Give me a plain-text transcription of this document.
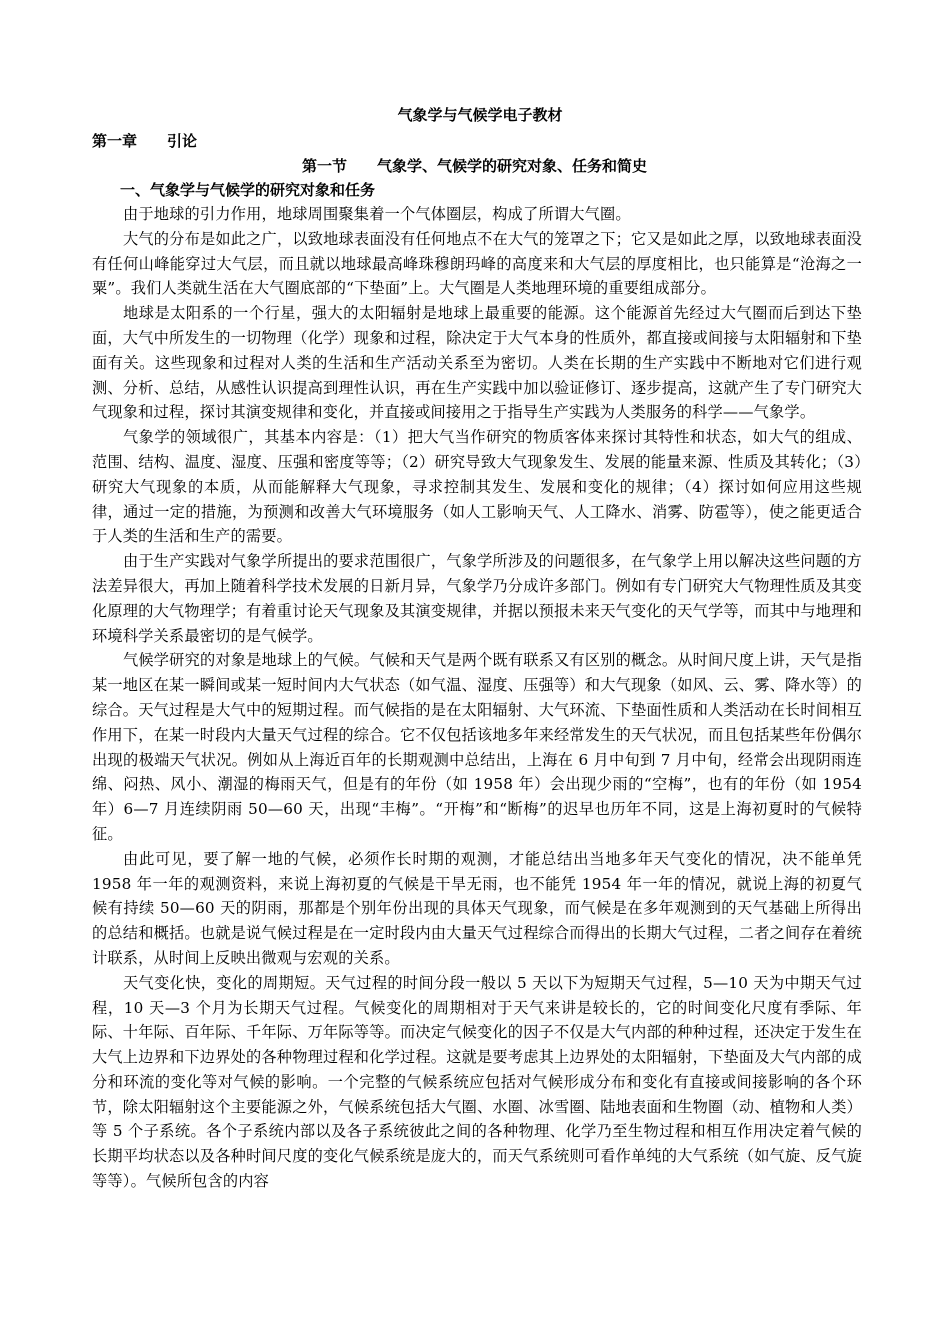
气象学与气候学电子教材
第一章　　引论
第一节　　气象学、气候学的研究对象、任务和简史
一、气象学与气候学的研究对象和任务

由于地球的引力作用，地球周围聚集着一个气体圈层，构成了所谓大气圈。

大气的分布是如此之广，以致地球表面没有任何地点不在大气的笼罩之下；它又是如此之厚，以致地球表面没有任何山峰能穿过大气层，而且就以地球最高峰珠穆朗玛峰的高度来和大气层的厚度相比，也只能算是“沧海之一粟”。我们人类就生活在大气圈底部的“下垫面”上。大气圈是人类地理环境的重要组成部分。

地球是太阳系的一个行星，强大的太阳辐射是地球上最重要的能源。这个能源首先经过大气圈而后到达下垫面，大气中所发生的一切物理（化学）现象和过程，除决定于大气本身的性质外，都直接或间接与太阳辐射和下垫面有关。这些现象和过程对人类的生活和生产活动关系至为密切。人类在长期的生产实践中不断地对它们进行观测、分析、总结，从感性认识提高到理性认识，再在生产实践中加以验证修订、逐步提高，这就产生了专门研究大气现象和过程，探讨其演变规律和变化，并直接或间接用之于指导生产实践为人类服务的科学——气象学。

气象学的领域很广，其基本内容是：（1）把大气当作研究的物质客体来探讨其特性和状态，如大气的组成、范围、结构、温度、湿度、压强和密度等等；（2）研究导致大气现象发生、发展的能量来源、性质及其转化；（3）研究大气现象的本质，从而能解释大气现象，寻求控制其发生、发展和变化的规律；（4）探讨如何应用这些规律，通过一定的措施，为预测和改善大气环境服务（如人工影响天气、人工降水、消雾、防雹等），使之能更适合于人类的生活和生产的需要。

由于生产实践对气象学所提出的要求范围很广，气象学所涉及的问题很多，在气象学上用以解决这些问题的方法差异很大，再加上随着科学技术发展的日新月异，气象学乃分成许多部门。例如有专门研究大气物理性质及其变化原理的大气物理学；有着重讨论天气现象及其演变规律，并据以预报未来天气变化的天气学等，而其中与地理和环境科学关系最密切的是气候学。

气候学研究的对象是地球上的气候。气候和天气是两个既有联系又有区别的概念。从时间尺度上讲，天气是指某一地区在某一瞬间或某一短时间内大气状态（如气温、湿度、压强等）和大气现象（如风、云、雾、降水等）的综合。天气过程是大气中的短期过程。而气候指的是在太阳辐射、大气环流、下垫面性质和人类活动在长时间相互作用下，在某一时段内大量天气过程的综合。它不仅包括该地多年来经常发生的天气状况，而且包括某些年份偶尔出现的极端天气状况。例如从上海近百年的长期观测中总结出，上海在 6 月中旬到 7 月中旬，经常会出现阴雨连绵、闷热、风小、潮湿的梅雨天气，但是有的年份（如 1958 年）会出现少雨的“空梅”，也有的年份（如 1954 年）6—7 月连续阴雨 50—60 天，出现“丰梅”。“开梅”和“断梅”的迟早也历年不同，这是上海初夏时的气候特征。

由此可见，要了解一地的气候，必须作长时期的观测，才能总结出当地多年天气变化的情况，决不能单凭 1958 年一年的观测资料，来说上海初夏的气候是干旱无雨，也不能凭 1954 年一年的情况，就说上海的初夏气候有持续 50—60 天的阴雨，那都是个别年份出现的具体天气现象，而气候是在多年观测到的天气基础上所得出的总结和概括。也就是说气候过程是在一定时段内由大量天气过程综合而得出的长期大气过程，二者之间存在着统计联系，从时间上反映出微观与宏观的关系。

天气变化快，变化的周期短。天气过程的时间分段一般以 5 天以下为短期天气过程，5—10 天为中期天气过程，10 天—3 个月为长期天气过程。气候变化的周期相对于天气来讲是较长的，它的时间变化尺度有季际、年际、十年际、百年际、千年际、万年际等等。而决定气候变化的因子不仅是大气内部的种种过程，还决定于发生在大气上边界和下边界处的各种物理过程和化学过程。这就是要考虑其上边界处的太阳辐射，下垫面及大气内部的成分和环流的变化等对气候的影响。一个完整的气候系统应包括对气候形成分布和变化有直接或间接影响的各个环节，除太阳辐射这个主要能源之外，气候系统包括大气圈、水圈、冰雪圈、陆地表面和生物圈（动、植物和人类）等 5 个子系统。各个子系统内部以及各子系统彼此之间的各种物理、化学乃至生物过程和相互作用决定着气候的长期平均状态以及各种时间尺度的变化气候系统是庞大的，而天气系统则可看作单纯的大气系统（如气旋、反气旋等等）。气候所包含的内容
